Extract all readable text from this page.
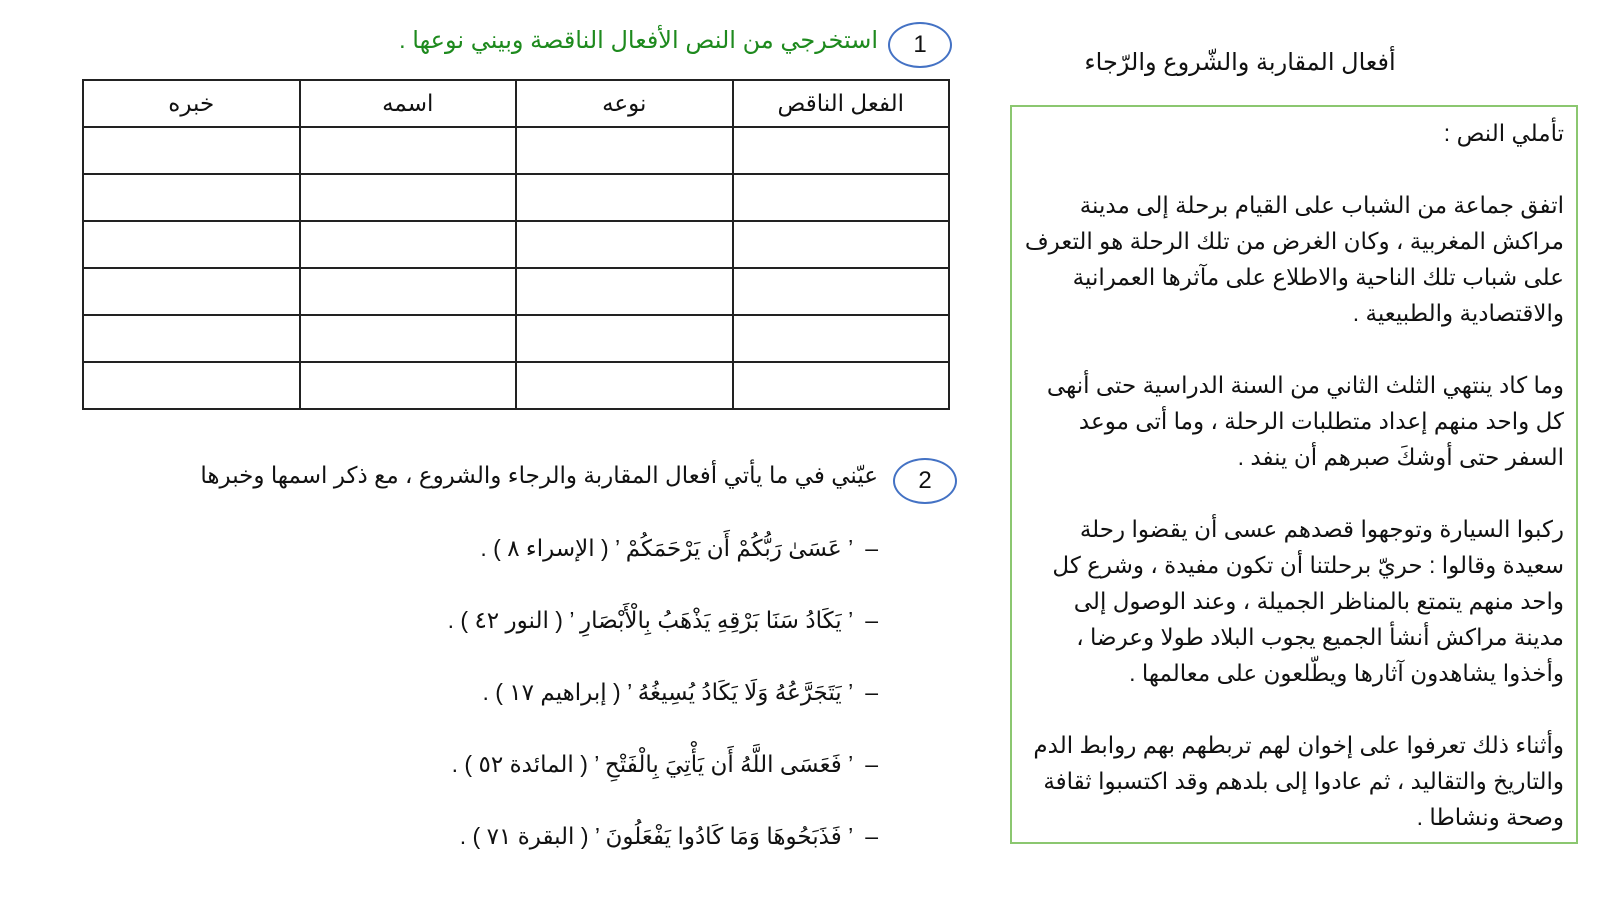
أفعال المقاربة والشّروع والرّجاء
تأملي النص :

اتفق جماعة من الشباب على القيام برحلة إلى مدينة مراكش المغربية ، وكان الغرض من تلك الرحلة هو التعرف على شباب تلك الناحية والاطلاع على مآثرها العمرانية والاقتصادية والطبيعية .

وما كاد ينتهي الثلث الثاني من السنة الدراسية حتى أنهى كل واحد منهم إعداد متطلبات الرحلة ، وما أتى موعد السفر حتى أوشكَ صبرهم أن ينفد .

ركبوا السيارة وتوجهوا قصدهم عسى أن يقضوا رحلة سعيدة وقالوا : حريّ برحلتنا أن تكون مفيدة ، وشرع كل واحد منهم يتمتع بالمناظر الجميلة ، وعند الوصول إلى مدينة مراكش أنشأ الجميع يجوب البلاد طولا وعرضا ، وأخذوا يشاهدون آثارها ويطّلعون على معالمها .

وأثناء ذلك تعرفوا على إخوان لهم تربطهم بهم روابط الدم والتاريخ والتقاليد ، ثم عادوا إلى بلدهم وقد اكتسبوا ثقافة وصحة ونشاطا .

1
استخرجي من النص الأفعال الناقصة وبيني نوعها .
الفعل الناقص	نوعه	اسمه	خبره

2
عيّني في ما يأتي أفعال المقاربة والرجاء والشروع ، مع ذكر اسمها وخبرها
–’ عَسَىٰ رَبُّكُمْ أَن يَرْحَمَكُمْ ’ ( الإسراء ٨ ) .
–’ يَكَادُ سَنَا بَرْقِهِ يَذْهَبُ بِالْأَبْصَارِ ’ ( النور ٤٢ ) .
–’ يَتَجَرَّعُهُ وَلَا يَكَادُ يُسِيغُهُ ’ ( إبراهيم ١٧ ) .
–’ فَعَسَى اللَّهُ أَن يَأْتِيَ بِالْفَتْحِ ’ ( المائدة ٥٢ ) .
–’ فَذَبَحُوهَا وَمَا كَادُوا يَفْعَلُونَ ’ ( البقرة ٧١ ) .
